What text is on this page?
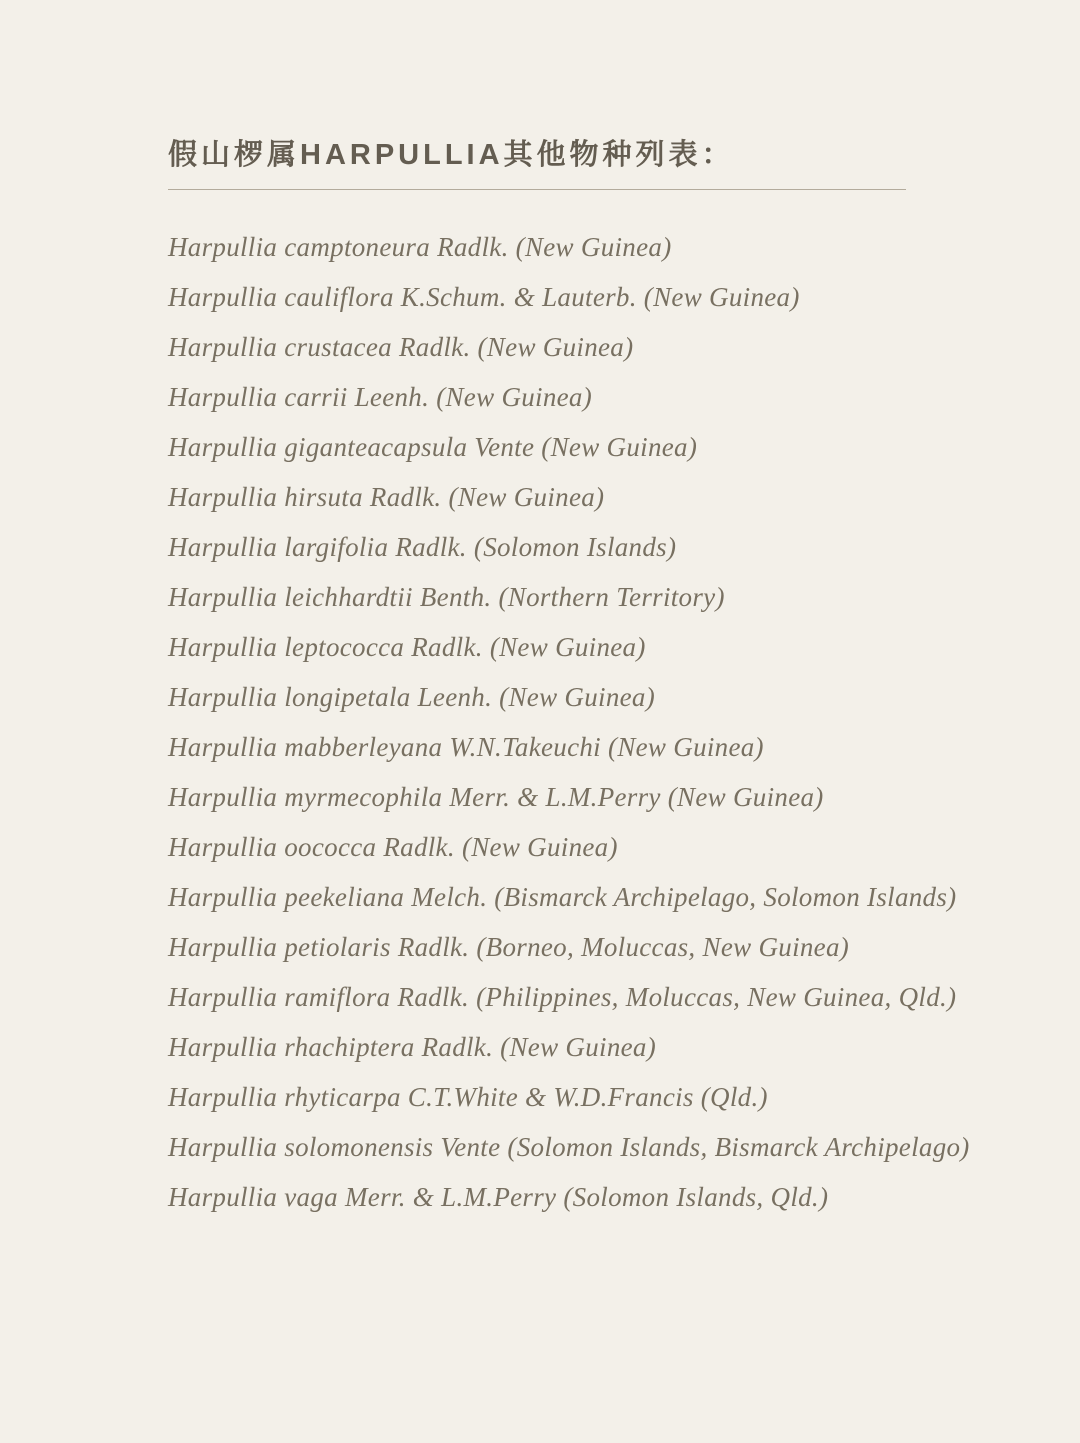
假山椤属HARPULLIA其他物种列表：
Harpullia camptoneura Radlk. (New Guinea)
Harpullia cauliflora K.Schum. & Lauterb. (New Guinea)
Harpullia crustacea Radlk. (New Guinea)
Harpullia carrii Leenh. (New Guinea)
Harpullia giganteacapsula Vente (New Guinea)
Harpullia hirsuta Radlk. (New Guinea)
Harpullia largifolia Radlk. (Solomon Islands)
Harpullia leichhardtii Benth. (Northern Territory)
Harpullia leptococca Radlk. (New Guinea)
Harpullia longipetala Leenh. (New Guinea)
Harpullia mabberleyana W.N.Takeuchi (New Guinea)
Harpullia myrmecophila Merr. & L.M.Perry (New Guinea)
Harpullia oococca Radlk. (New Guinea)
Harpullia peekeliana Melch. (Bismarck Archipelago, Solomon Islands)
Harpullia petiolaris Radlk. (Borneo, Moluccas, New Guinea)
Harpullia ramiflora Radlk. (Philippines, Moluccas, New Guinea, Qld.)
Harpullia rhachiptera Radlk. (New Guinea)
Harpullia rhyticarpa C.T.White & W.D.Francis (Qld.)
Harpullia solomonensis Vente (Solomon Islands, Bismarck Archipelago)
Harpullia vaga Merr. & L.M.Perry (Solomon Islands, Qld.)
